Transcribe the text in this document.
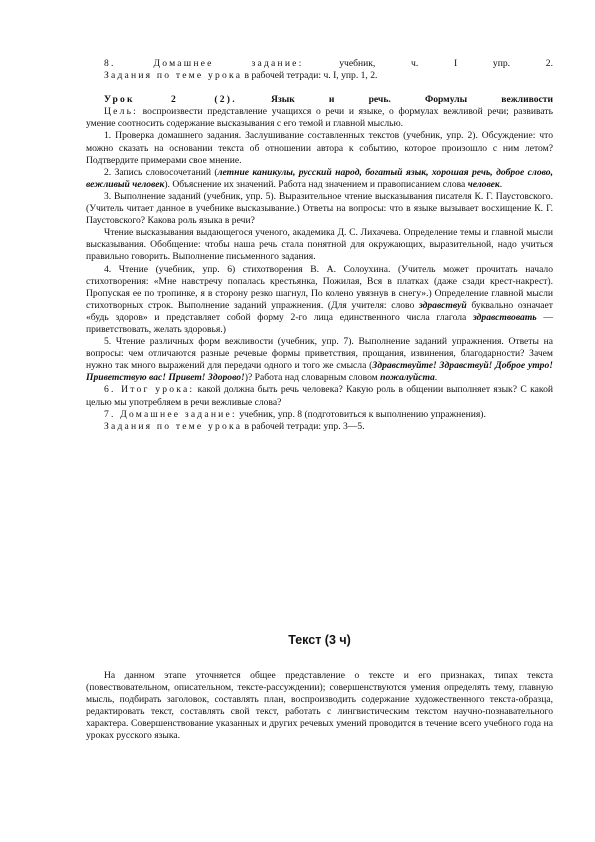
8. Домашнее задание: учебник, ч. I упр. 2.

Задания по теме урока в рабочей тетради: ч. I, упр. 1, 2.

Урок 2 (2). Язык и речь. Формулы вежливости

Цель: воспроизвести представление учащихся о речи и языке, о формулах вежливой речи; развивать умение соотносить содержание высказывания с его темой и главной мыслью.

1. Проверка домашнего задания. Заслушивание составленных текстов (учебник, упр. 2). Обсуждение: что можно сказать на основании текста об отношении автора к событию, которое произошло с ним летом? Подтвердите примерами свое мнение.

2. Запись словосочетаний (летние каникулы, русский народ, богатый язык, хорошая речь, доброе слово, вежливый человек). Объяснение их значений. Работа над значением и правописанием слова человек.

3. Выполнение заданий (учебник, упр. 5). Выразительное чтение высказывания писателя К. Г. Паустовского. (Учитель читает данное в учебнике высказывание.) Ответы на вопросы: что в языке вызывает восхищение К. Г. Паустовского? Какова роль языка в речи?

Чтение высказывания выдающегося ученого, академика Д. С. Лихачева. Определение темы и главной мысли высказывания. Обобщение: чтобы наша речь стала понятной для окружающих, выразительной, надо учиться правильно говорить. Выполнение письменного задания.

4. Чтение (учебник, упр. 6) стихотворения В. А. Солоухина. (Учитель может прочитать начало стихотворения: «Мне навстречу попалась крестьянка, Пожилая, Вся в платках (даже сзади крест-накрест). Пропуская ее по тропинке, я в сторону резко шагнул, По колено увязнув в снегу».) Определение главной мысли стихотворных строк. Выполнение заданий упражнения. (Для учителя: слово здравствуй буквально означает «будь здоров» и представляет собой форму 2-го лица единственного числа глагола здравствовать — приветствовать, желать здоровья.)

5. Чтение различных форм вежливости (учебник, упр. 7). Выполнение заданий упражнения. Ответы на вопросы: чем отличаются разные речевые формы приветствия, прощания, извинения, благодарности? Зачем нужно так много выражений для передачи одного и того же смысла (Здравствуйте! Здравствуй! Доброе утро! Приветствую вас! Привет! Здорово!)? Работа над словарным словом пожалуйста.

6. Итог урока: какой должна быть речь человека? Какую роль в общении выполняет язык? С какой целью мы употребляем в речи вежливые слова?

7. Домашнее задание: учебник, упр. 8 (подготовиться к выполнению упражнения).

Задания по теме урока в рабочей тетради: упр. 3—5.

Текст (3 ч)

На данном этапе уточняется общее представление о тексте и его признаках, типах текста (повествовательном, описательном, тексте-рассуждении); совершенствуются умения определять тему, главную мысль, подбирать заголовок, составлять план, воспроизводить содержание художественного текста-образца, редактировать текст, составлять свой текст, работать с лингвистическим текстом научно-познавательного характера. Совершенствование указанных и других речевых умений проводится в течение всего учебного года на уроках русского языка.
